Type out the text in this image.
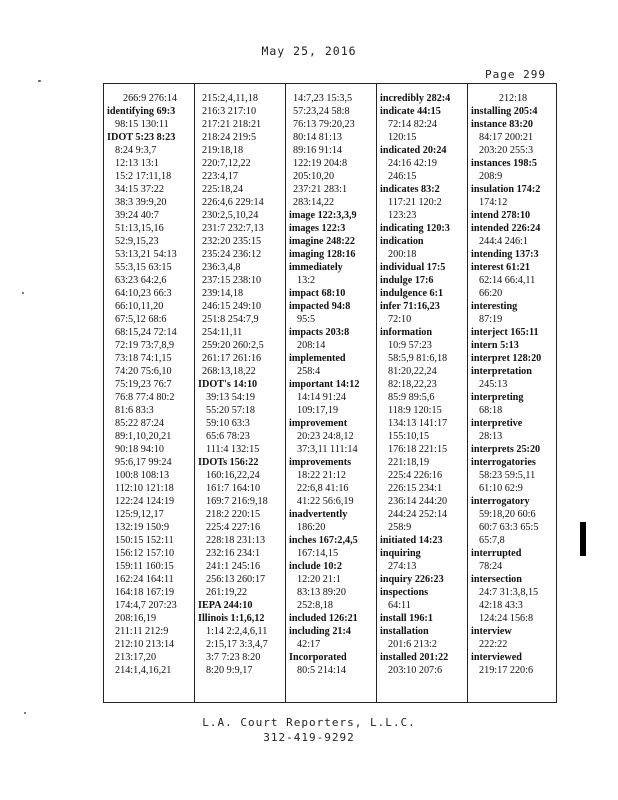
May 25, 2016
Page 299
266:9 276:14
identifying 69:3
98:15 130:11
IDOT 5:23 8:23
8:24 9:3,7
12:13 13:1
15:2 17:11,18
34:15 37:22
38:3 39:9,20
39:24 40:7
51:13,15,16
52:9,15,23
53:13,21 54:13
55:3,15 63:15
63:23 64:2,6
64:10,23 66:3
66:10,11,20
67:5,12 68:6
68:15,24 72:14
72:19 73:7,8,9
73:18 74:1,15
74:20 75:6,10
75:19,23 76:7
76:8 77:4 80:2
81:6 83:3
85:22 87:24
89:1,10,20,21
90:18 94:10
95:6,17 99:24
100:8 108:13
112:10 121:18
122:24 124:19
125:9,12,17
132:19 150:9
150:15 152:11
156:12 157:10
159:11 160:15
162:24 164:11
164:18 167:19
174:4,7 207:23
208:16,19
211:11 212:9
212:10 213:14
213:17,20
214:1,4,16,21
215:2,4,11,18
216:3 217:10
217:21 218:21
218:24 219:5
219:18,18
220:7,12,22
223:4,17
225:18,24
226:4,6 229:14
230:2,5,10,24
231:7 232:7,13
232:20 235:15
235:24 236:12
236:3,4,8
237:15 238:10
239:14,18
246:15 249:10
251:8 254:7,9
254:11,11
259:20 260:2,5
261:17 261:16
268:13,18,22
IDOT's 14:10
39:13 54:19
55:20 57:18
59:10 63:3
65:6 78:23
111:4 132:15
IDOTs 156:22
160:16,22,24
161:7 164:10
169:7 216:9,18
218:2 220:15
225:4 227:16
228:18 231:13
232:16 234:1
241:1 245:16
256:13 260:17
261:19,22
IEPA 244:10
Illinois 1:1,6,12
1:14 2:2,4,6,11
2:15,17 3:3,4,7
3:7 7:23 8:20
8:20 9:9,17
14:7,23 15:3,5
57:23,24 58:8
76:13 79:20,23
80:14 81:13
89:16 91:14
122:19 204:8
205:10,20
237:21 283:1
283:14,22
image 122:3,3,9
images 122:3
imagine 248:22
imaging 128:16
immediately
13:2
impact 68:10
impacted 94:8
95:5
impacts 203:8
208:14
implemented
258:4
important 14:12
14:14 91:24
109:17,19
improvement
20:23 24:8,12
37:3,11 111:14
improvements
18:22 21:12
22:6,8 41:16
41:22 56:6,19
inadvertently
186:20
inches 167:2,4,5
167:14,15
include 10:2
12:20 21:1
83:13 89:20
252:8,18
included 126:21
including 21:4
42:17
Incorporated
80:5 214:14
incredibly 282:4
indicate 44:15
72:14 82:24
120:15
indicated 20:24
24:16 42:19
246:15
indicates 83:2
117:21 120:2
123:23
indicating 120:3
indication
200:18
individual 17:5
indulge 17:6
indulgence 6:1
infer 71:16,23
72:10
information
10:9 57:23
58:5,9 81:6,18
81:20,22,24
82:18,22,23
85:9 89:5,6
118:9 120:15
134:13 141:17
155:10,15
176:18 221:15
221:18,19
225:4 226:16
226:15 234:1
236:14 244:20
244:24 252:14
258:9
initiated 14:23
inquiring
274:13
inquiry 226:23
inspections
64:11
install 196:1
installation
201:6 213:2
installed 201:22
203:10 207:6
212:18
installing 205:4
instance 83:20
84:17 200:21
203:20 255:3
instances 198:5
208:9
insulation 174:2
174:12
intend 278:10
intended 226:24
244:4 246:1
intending 137:3
interest 61:21
62:14 66:4,11
66:20
interesting
87:19
interject 165:11
intern 5:13
interpret 128:20
interpretation
245:13
interpreting
68:18
interpretive
28:13
interprets 25:20
interrogatories
58:23 59:5,11
61:10 62:9
interrogatory
59:18,20 60:6
60:7 63:3 65:5
65:7,8
interrupted
78:24
intersection
24:7 31:3,8,15
42:18 43:3
124:24 156:8
interview
222:22
interviewed
219:17 220:6
L.A. Court Reporters, L.L.C.
312-419-9292
